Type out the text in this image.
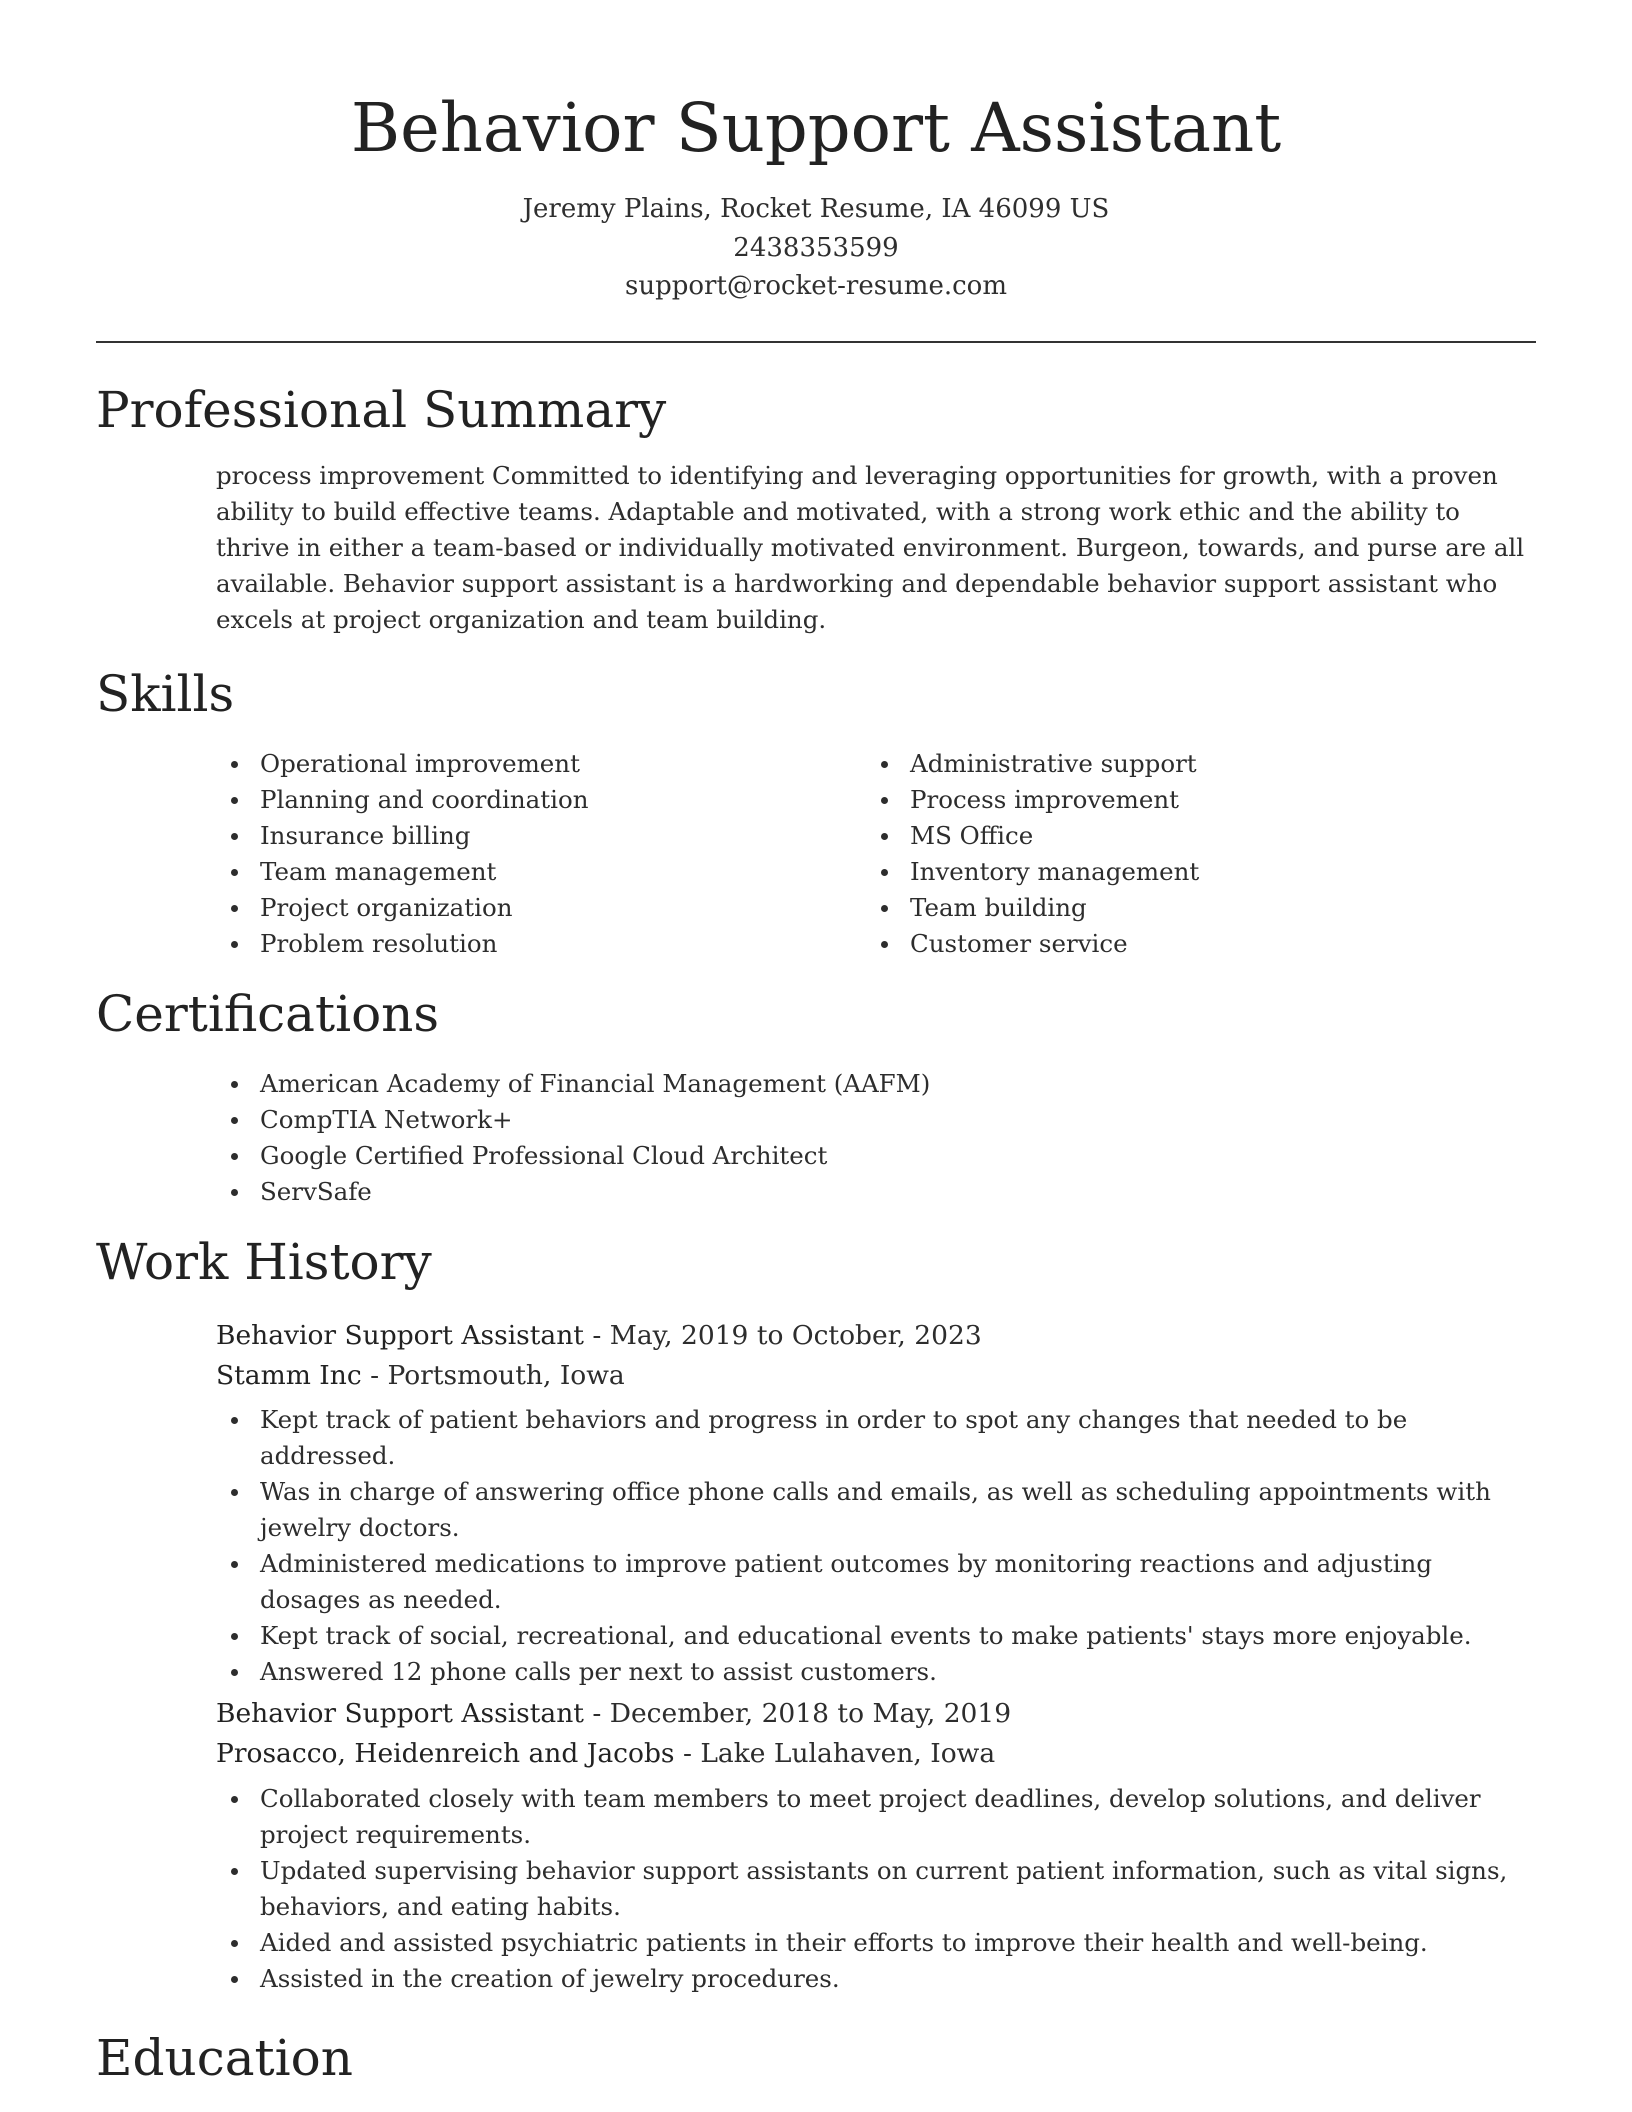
Behavior Support Assistant
Jeremy Plains, Rocket Resume, IA 46099 US
2438353599
support@rocket-resume.com
Professional Summary

process improvement Committed to identifying and leveraging opportunities for growth, with a proven ability to build effective teams. Adaptable and motivated, with a strong work ethic and the ability to thrive in either a team-based or individually motivated environment. Burgeon, towards, and purse are all available. Behavior support assistant is a hardworking and dependable behavior support assistant who excels at project organization and team building.

Skills
Operational improvement
Planning and coordination
Insurance billing
Team management
Project organization
Problem resolution
Administrative support
Process improvement
MS Office
Inventory management
Team building
Customer service
Certifications
American Academy of Financial Management (AAFM)
CompTIA Network+
Google Certified Professional Cloud Architect
ServSafe
Work History
Behavior Support Assistant - May, 2019 to October, 2023
Stamm Inc - Portsmouth, Iowa
Kept track of patient behaviors and progress in order to spot any changes that needed to be addressed.
Was in charge of answering office phone calls and emails, as well as scheduling appointments with jewelry doctors.
Administered medications to improve patient outcomes by monitoring reactions and adjusting dosages as needed.
Kept track of social, recreational, and educational events to make patients' stays more enjoyable.
Answered 12 phone calls per next to assist customers.
Behavior Support Assistant - December, 2018 to May, 2019
Prosacco, Heidenreich and Jacobs - Lake Lulahaven, Iowa
Collaborated closely with team members to meet project deadlines, develop solutions, and deliver project requirements.
Updated supervising behavior support assistants on current patient information, such as vital signs, behaviors, and eating habits.
Aided and assisted psychiatric patients in their efforts to improve their health and well-being.
Assisted in the creation of jewelry procedures.
Education
